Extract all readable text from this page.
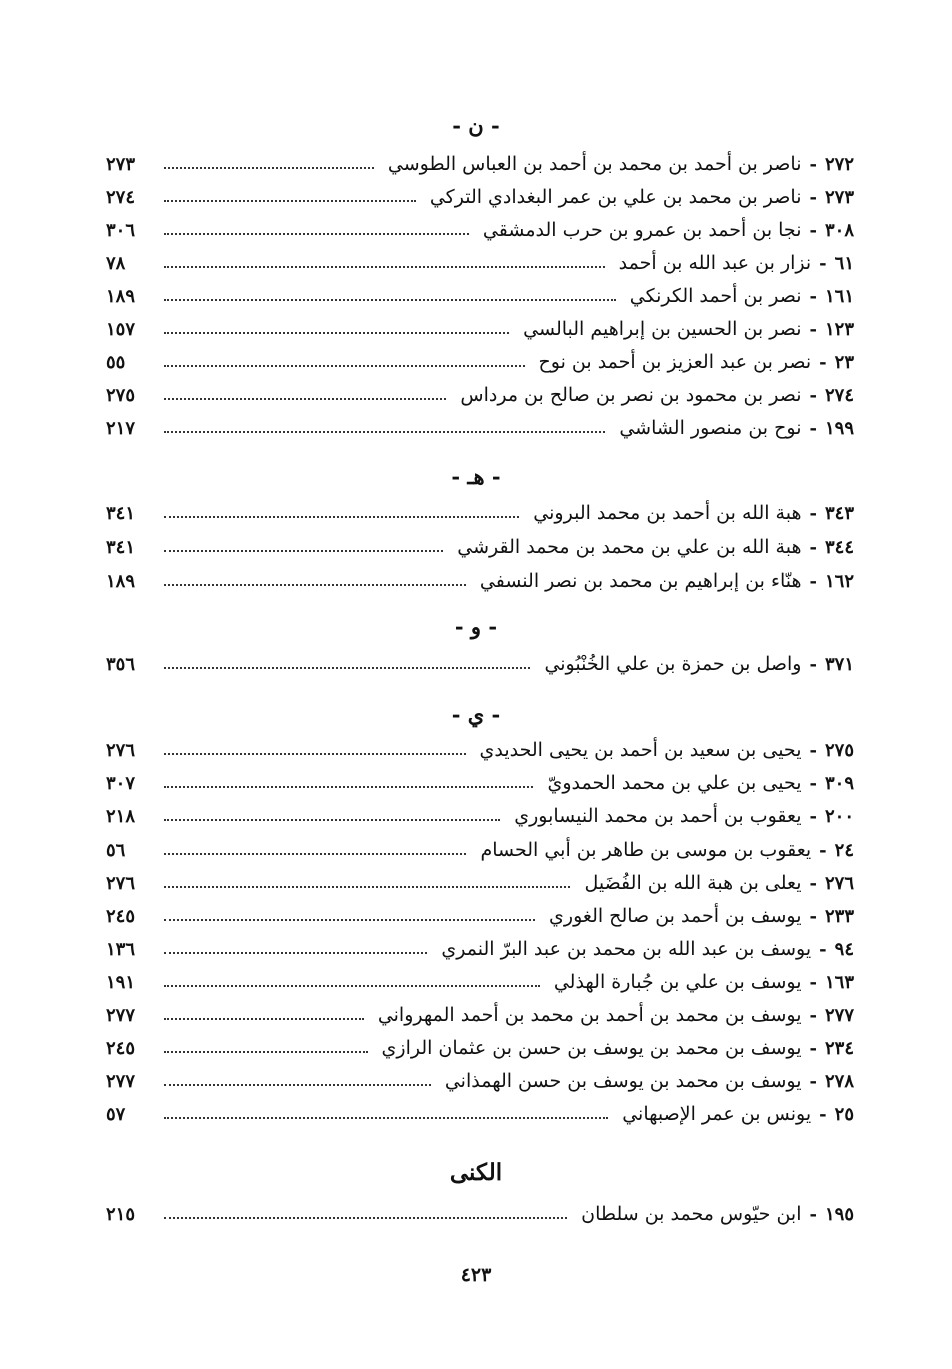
- ن -
٢٧٢
-
ناصر بن أحمد بن محمد بن أحمد بن العباس الطوسي
٢٧٣
٢٧٣
-
ناصر بن محمد بن علي بن عمر البغدادي التركي
٢٧٤
٣٠٨
-
نجا بن أحمد بن عمرو بن حرب الدمشقي
٣٠٦
٦١
-
نزار بن عبد الله بن أحمد
٧٨
١٦١
-
نصر بن أحمد الكرنكي
١٨٩
١٢٣
-
نصر بن الحسين بن إبراهيم البالسي
١٥٧
٢٣
-
نصر بن عبد العزيز بن أحمد بن نوح
٥٥
٢٧٤
-
نصر بن محمود بن نصر بن صالح بن مرداس
٢٧٥
١٩٩
-
نوح بن منصور الشاشي
٢١٧
- هـ -
٣٤٣
-
هبة الله بن أحمد بن محمد البروني
٣٤١
٣٤٤
-
هبة الله بن علي بن محمد بن محمد القرشي
٣٤١
١٦٢
-
هنّاء بن إبراهيم بن محمد بن نصر النسفي
١٨٩
- و -
٣٧١
-
واصل بن حمزة بن علي الخُنْبُوني
٣٥٦
- ي -
٢٧٥
-
يحيى بن سعيد بن أحمد بن يحيى الحديدي
٢٧٦
٣٠٩
-
يحيى بن علي بن محمد الحمدويّ
٣٠٧
٢٠٠
-
يعقوب بن أحمد بن محمد النيسابوري
٢١٨
٢٤
-
يعقوب بن موسى بن طاهر بن أبي الحسام
٥٦
٢٧٦
-
يعلى بن هبة الله بن الفُضَيل
٢٧٦
٢٣٣
-
يوسف بن أحمد بن صالح الغوري
٢٤٥
٩٤
-
يوسف بن عبد الله بن محمد بن عبد البرّ النمري
١٣٦
١٦٣
-
يوسف بن علي بن جُبارة الهذلي
١٩١
٢٧٧
-
يوسف بن محمد بن أحمد بن محمد بن أحمد المهرواني
٢٧٧
٢٣٤
-
يوسف بن محمد بن يوسف بن حسن بن عثمان الرازي
٢٤٥
٢٧٨
-
يوسف بن محمد بن يوسف بن حسن الهمذاني
٢٧٧
٢٥
-
يونس بن عمر الإصبهاني
٥٧
الكنى
١٩٥
-
ابن حيّوس محمد بن سلطان
٢١٥
٤٢٣
